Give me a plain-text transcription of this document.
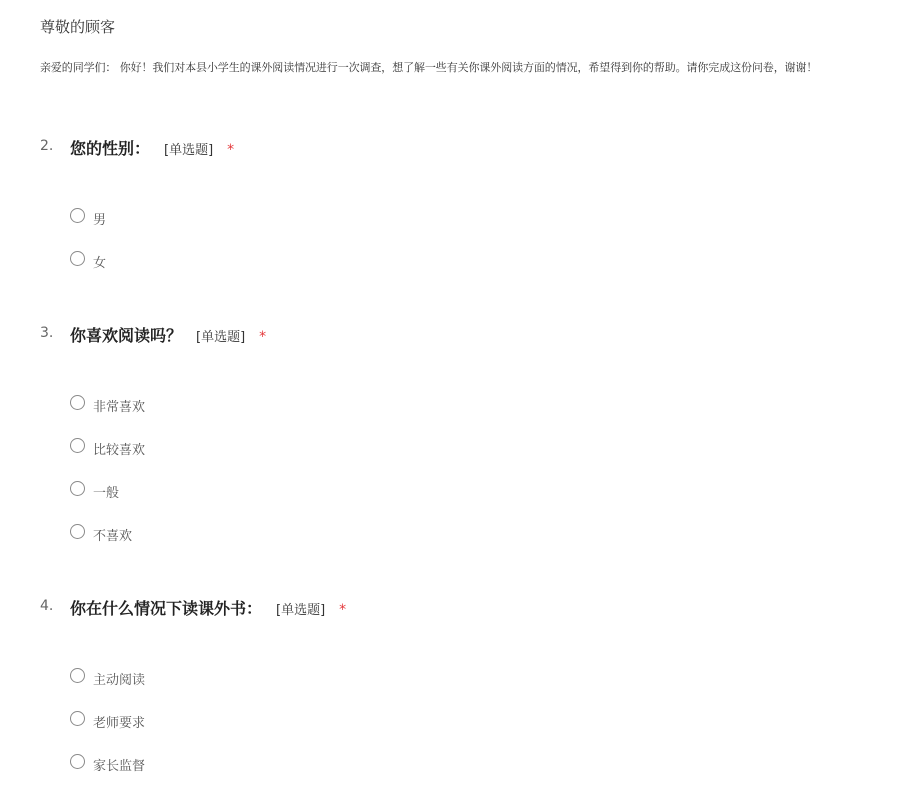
尊敬的顾客
亲爱的同学们： 你好！我们对本县小学生的课外阅读情况进行一次调查，想了解一些有关你课外阅读方面的情况，希望得到你的帮助。请你完成这份问卷，谢谢！
2. 您的性别： [单选题] *
男
女
3. 你喜欢阅读吗？ [单选题] *
非常喜欢
比较喜欢
一般
不喜欢
4. 你在什么情况下读课外书： [单选题] *
主动阅读
老师要求
家长监督
